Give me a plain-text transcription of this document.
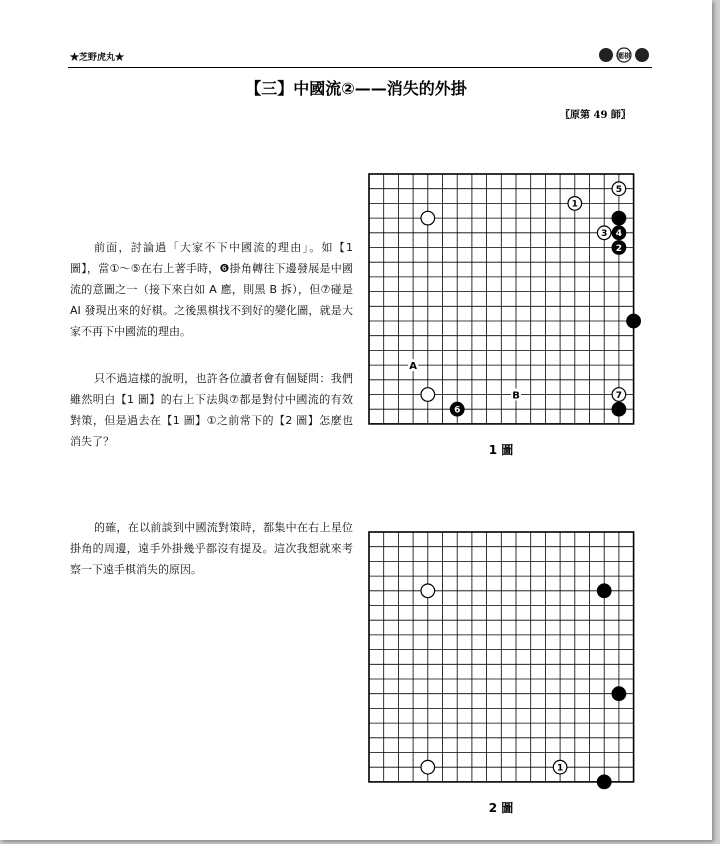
★芝野虎丸★	圍棋
【三】中國流②——消失的外掛
〖原第 49 師〗

前面，討論過「大家不下中國流的理由」。如【1 圖】，當①～⑤在右上著手時，❻掛角轉往下邊發展是中國流的意圖之一（接下來白如 A 應，則黑 B 拆），但⑦碰是 AI 發現出來的好棋。之後黑棋找不到好的變化圖，就是大家不再下中國流的理由。

只不過這樣的說明，也許各位讀者會有個疑問：我們雖然明白【1 圖】的右上下法與⑦都是對付中國流的有效對策，但是過去在【1 圖】①之前常下的【2 圖】怎麼也消失了？

的確，在以前談到中國流對策時，都集中在右上星位掛角的周邊，遠手外掛幾乎都沒有提及。這次我想就來考察一下遠手棋消失的原因。

A
B
5
1
3 4
2
7
6
1 圖
1
2 圖
